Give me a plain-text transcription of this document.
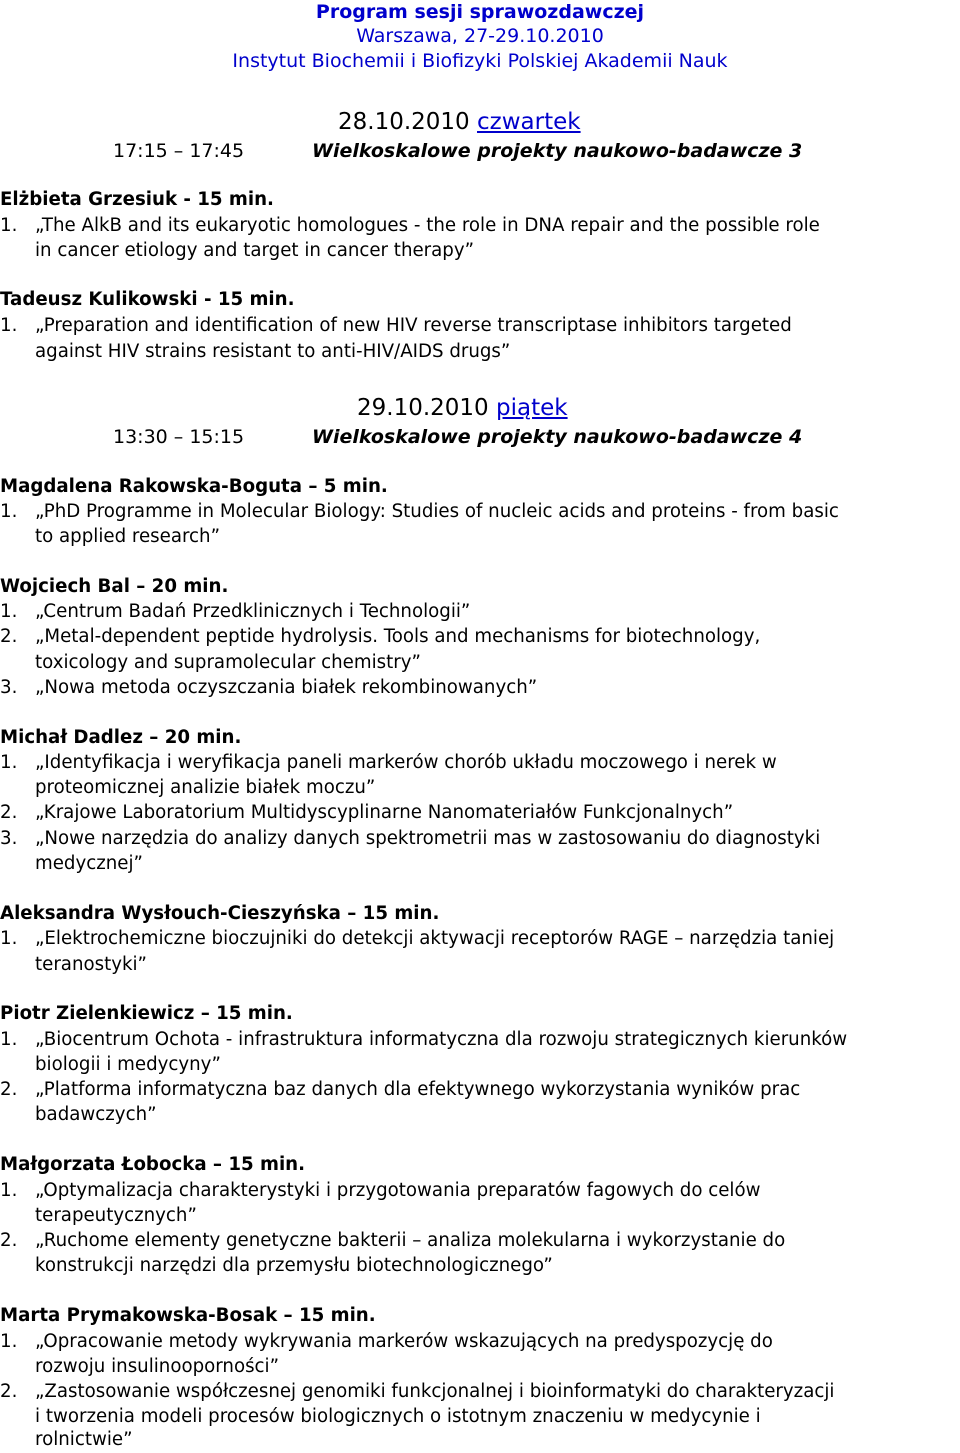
Program sesji sprawozdawczej
Warszawa, 27-29.10.2010
Instytut Biochemii i Biofizyki Polskiej Akademii Nauk
28.10.2010 czwartek
17:15 – 17:45	Wielkoskalowe projekty naukowo-badawcze 3
Elżbieta Grzesiuk - 15 min.
1. „The AlkB and its eukaryotic homologues - the role in DNA repair and the possible role
in cancer etiology and target in cancer therapy”
Tadeusz Kulikowski - 15 min.
1. „Preparation and identification of new HIV reverse transcriptase inhibitors targeted
against HIV strains resistant to anti-HIV/AIDS drugs”
29.10.2010 piątek
13:30 – 15:15	Wielkoskalowe projekty naukowo-badawcze 4
Magdalena Rakowska-Boguta – 5 min.
1. „PhD Programme in Molecular Biology: Studies of nucleic acids and proteins - from basic
to applied research”
Wojciech Bal – 20 min.
1. „Centrum Badań Przedklinicznych i Technologii”
2. „Metal-dependent peptide hydrolysis. Tools and mechanisms for biotechnology,
toxicology and supramolecular chemistry”
3. „Nowa metoda oczyszczania białek rekombinowanych”
Michał Dadlez – 20 min.
1. „Identyfikacja i weryfikacja paneli markerów chorób układu moczowego i nerek w
proteomicznej analizie białek moczu”
2. „Krajowe Laboratorium Multidyscyplinarne Nanomateriałów Funkcjonalnych”
3. „Nowe narzędzia do analizy danych spektrometrii mas w zastosowaniu do diagnostyki
medycznej”
Aleksandra Wysłouch-Cieszyńska – 15 min.
1. „Elektrochemiczne bioczujniki do detekcji aktywacji receptorów RAGE – narzędzia taniej
teranostyki”
Piotr Zielenkiewicz – 15 min.
1. „Biocentrum Ochota - infrastruktura informatyczna dla rozwoju strategicznych kierunków
biologii i medycyny”
2. „Platforma informatyczna baz danych dla efektywnego wykorzystania wyników prac
badawczych”
Małgorzata Łobocka – 15 min.
1. „Optymalizacja charakterystyki i przygotowania preparatów fagowych do celów
terapeutycznych”
2. „Ruchome elementy genetyczne bakterii – analiza molekularna i wykorzystanie do
konstrukcji narzędzi dla przemysłu biotechnologicznego”
Marta Prymakowska-Bosak – 15 min.
1. „Opracowanie metody wykrywania markerów wskazujących na predyspozycję do
rozwoju insulinooporności”
2. „Zastosowanie współczesnej genomiki funkcjonalnej i bioinformatyki do charakteryzacji
i tworzenia modeli procesów biologicznych o istotnym znaczeniu w medycynie i
rolnictwie”
